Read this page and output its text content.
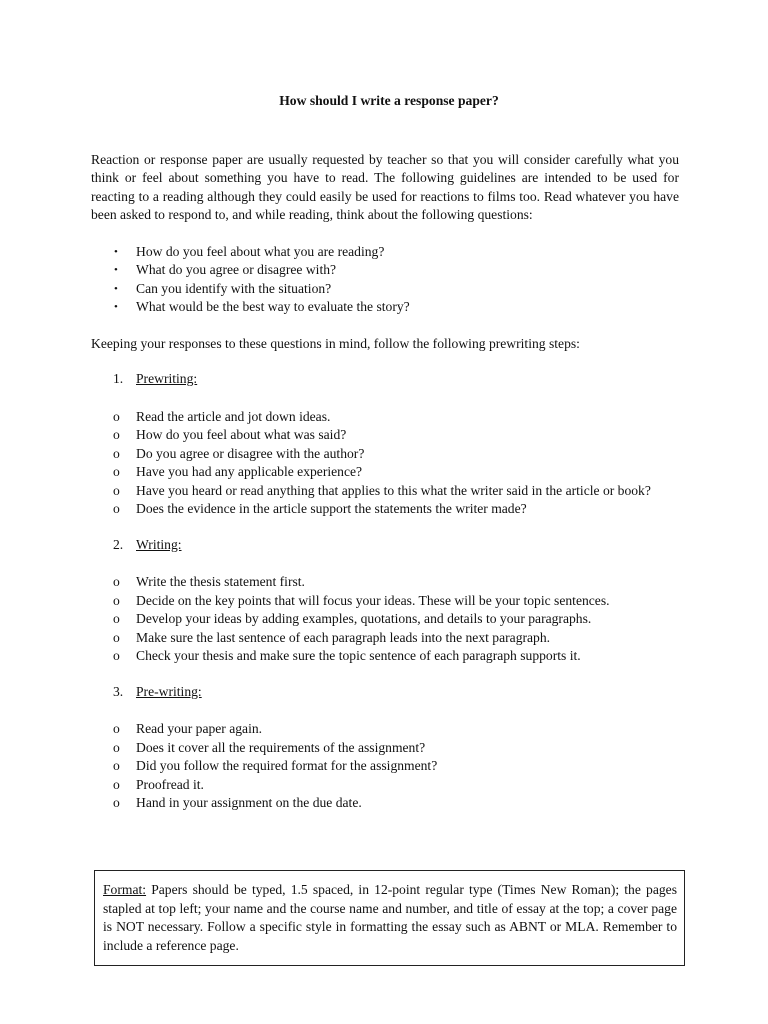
How should I write a response paper?

Reaction or response paper are usually requested by teacher so that you will consider carefully what you think or feel about something you have to read. The following guidelines are intended to be used for reacting to a reading although they could easily be used for reactions to films too. Read whatever you have been asked to respond to, and while reading, think about the following questions:

• How do you feel about what you are reading?
• What do you agree or disagree with?
• Can you identify with the situation?
• What would be the best way to evaluate the story?

Keeping your responses to these questions in mind, follow the following prewriting steps:

1. Prewriting:
o Read the article and jot down ideas.
o How do you feel about what was said?
o Do you agree or disagree with the author?
o Have you had any applicable experience?
o Have you heard or read anything that applies to this what the writer said in the article or book?
o Does the evidence in the article support the statements the writer made?
2. Writing:
o Write the thesis statement first.
o Decide on the key points that will focus your ideas. These will be your topic sentences.
o Develop your ideas by adding examples, quotations, and details to your paragraphs.
o Make sure the last sentence of each paragraph leads into the next paragraph.
o Check your thesis and make sure the topic sentence of each paragraph supports it.
3. Pre-writing:
o Read your paper again.
o Does it cover all the requirements of the assignment?
o Did you follow the required format for the assignment?
o Proofread it.
o Hand in your assignment on the due date.
Format: Papers should be typed, 1.5 spaced, in 12-point regular type (Times New Roman); the pages stapled at top left; your name and the course name and number, and title of essay at the top; a cover page is NOT necessary. Follow a specific style in formatting the essay such as ABNT or MLA. Remember to include a reference page.
